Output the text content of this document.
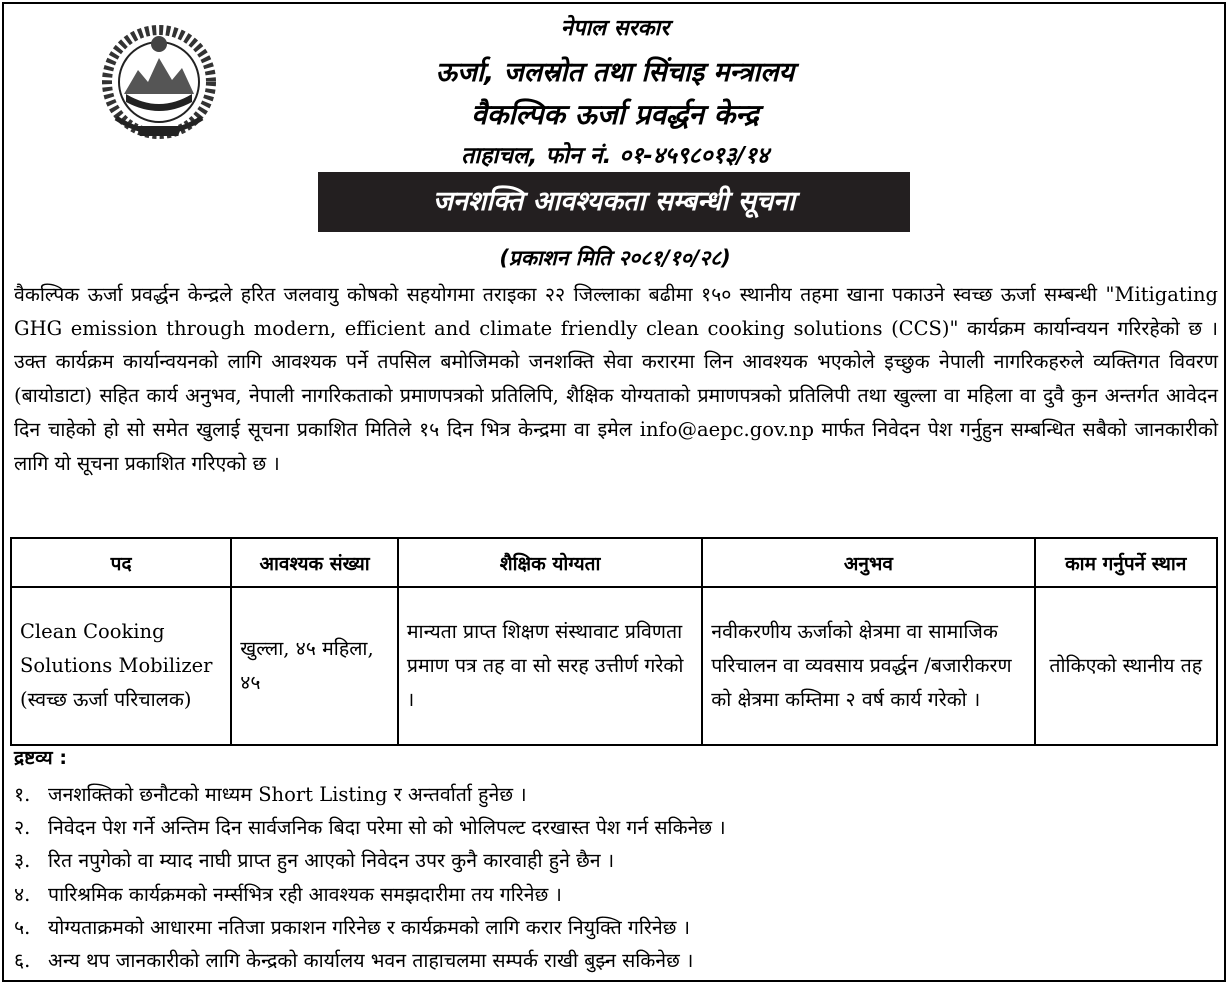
नेपाल सरकार
ऊर्जा, जलस्रोत तथा सिंचाइ मन्त्रालय
वैकल्पिक ऊर्जा प्रवर्द्धन केन्द्र
ताहाचल, फोन नं. ०१-४५९८०१३/१४
जनशक्ति आवश्यकता सम्बन्धी सूचना
(प्रकाशन मिति २०८१/१०/२८)
वैकल्पिक ऊर्जा प्रवर्द्धन केन्द्रले हरित जलवायु कोषको सहयोगमा तराइका २२ जिल्लाका बढीमा १५० स्थानीय तहमा खाना पकाउने स्वच्छ ऊर्जा सम्बन्धी "Mitigating GHG emission through modern, efficient and climate friendly clean cooking solutions (CCS)" कार्यक्रम कार्यान्वयन गरिरहेको छ । उक्त कार्यक्रम कार्यान्वयनको लागि आवश्यक पर्ने तपसिल बमोजिमको जनशक्ति सेवा करारमा लिन आवश्यक भएकोले इच्छुक नेपाली नागरिकहरुले व्यक्तिगत विवरण (बायोडाटा) सहित कार्य अनुभव, नेपाली नागरिकताको प्रमाणपत्रको प्रतिलिपि, शैक्षिक योग्यताको प्रमाणपत्रको प्रतिलिपी तथा खुल्ला वा महिला वा दुवै कुन अन्तर्गत आवेदन दिन चाहेको हो सो समेत खुलाई सूचना प्रकाशित मितिले १५ दिन भित्र केन्द्रमा वा इमेल info@aepc.gov.np मार्फत निवेदन पेश गर्नुहुन सम्बन्धित सबैको जानकारीको लागि यो सूचना प्रकाशित गरिएको छ ।
पद	आवश्यक संख्या	शैक्षिक योग्यता	अनुभव	काम गर्नुपर्ने स्थान
Clean Cooking Solutions Mobilizer (स्वच्छ ऊर्जा परिचालक)	खुल्ला, ४५ महिला, ४५	मान्यता प्राप्त शिक्षण संस्थावाट प्रविणता प्रमाण पत्र तह वा सो सरह उत्तीर्ण गरेको ।	नवीकरणीय ऊर्जाको क्षेत्रमा वा सामाजिक परिचालन वा व्यवसाय प्रवर्द्धन /बजारीकरण को क्षेत्रमा कम्तिमा २ वर्ष कार्य गरेको ।	तोकिएको स्थानीय तह
द्रष्टव्य :
१. जनशक्तिको छनौटको माध्यम Short Listing र अन्तर्वार्ता हुनेछ ।
२. निवेदन पेश गर्ने अन्तिम दिन सार्वजनिक बिदा परेमा सो को भोलिपल्ट दरखास्त पेश गर्न सकिनेछ ।
३. रित नपुगेको वा म्याद नाघी प्राप्त हुन आएको निवेदन उपर कुनै कारवाही हुने छैन ।
४. पारिश्रमिक कार्यक्रमको नर्म्सभित्र रही आवश्यक समझदारीमा तय गरिनेछ ।
५. योग्यताक्रमको आधारमा नतिजा प्रकाशन गरिनेछ र कार्यक्रमको लागि करार नियुक्ति गरिनेछ ।
६. अन्य थप जानकारीको लागि केन्द्रको कार्यालय भवन ताहाचलमा सम्पर्क राखी बुझ्न सकिनेछ ।
